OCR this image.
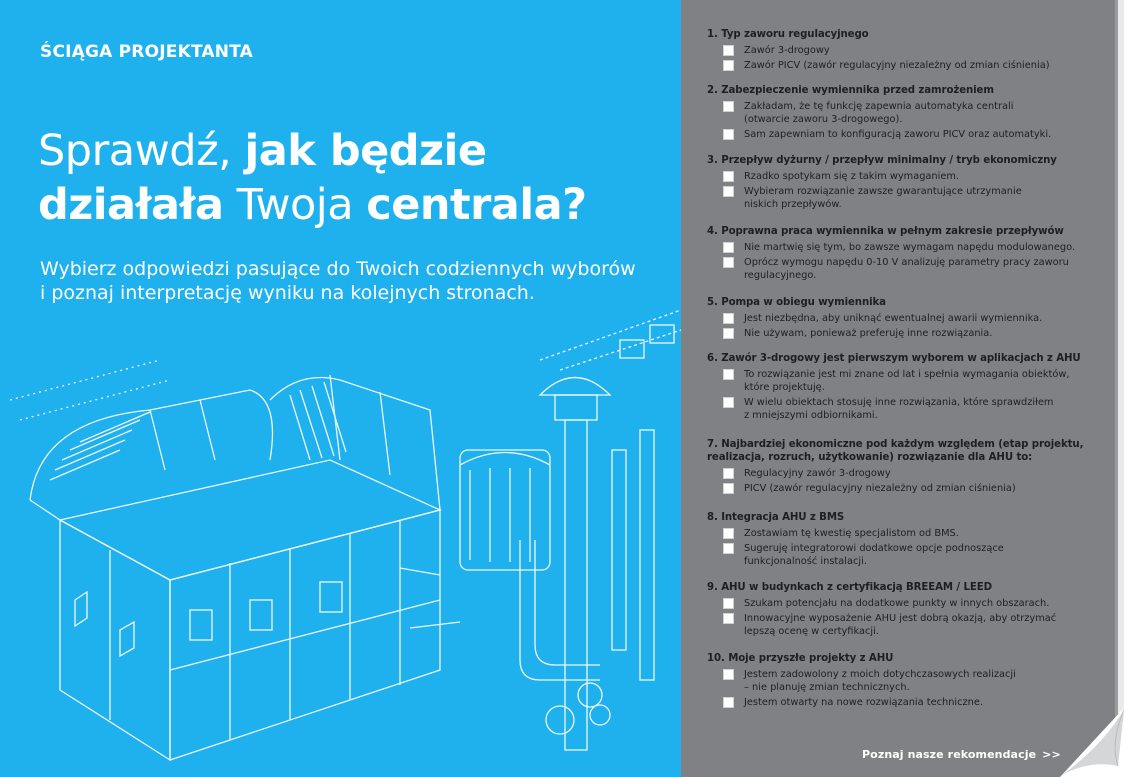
ŚCIĄGA PROJEKTANTA
Sprawdź, jak będzie
działała Twoja centrala?
Wybierz odpowiedzi pasujące do Twoich codziennych wyborów
i poznaj interpretację wyniku na kolejnych stronach.
1. Typ zaworu regulacyjnego
Zawór 3-drogowy
Zawór PICV (zawór regulacyjny niezależny od zmian ciśnienia)
2. Zabezpieczenie wymiennika przed zamrożeniem
Zakładam, że tę funkcję zapewnia automatyka centrali
(otwarcie zaworu 3-drogowego).
Sam zapewniam to konfiguracją zaworu PICV oraz automatyki.
3. Przepływ dyżurny / przepływ minimalny / tryb ekonomiczny
Rzadko spotykam się z takim wymaganiem.
Wybieram rozwiązanie zawsze gwarantujące utrzymanie
niskich przepływów.
4. Poprawna praca wymiennika w pełnym zakresie przepływów
Nie martwię się tym, bo zawsze wymagam napędu modulowanego.
Oprócz wymogu napędu 0-10 V analizuję parametry pracy zaworu
regulacyjnego.
5. Pompa w obiegu wymiennika
Jest niezbędna, aby uniknąć ewentualnej awarii wymiennika.
Nie używam, ponieważ preferuję inne rozwiązania.
6. Zawór 3-drogowy jest pierwszym wyborem w aplikacjach z AHU
To rozwiązanie jest mi znane od lat i spełnia wymagania obiektów,
które projektuję.
W wielu obiektach stosuję inne rozwiązania, które sprawdziłem
z mniejszymi odbiornikami.
7. Najbardziej ekonomiczne pod każdym względem (etap projektu,
realizacja, rozruch, użytkowanie) rozwiązanie dla AHU to:
Regulacyjny zawór 3-drogowy
PICV (zawór regulacyjny niezależny od zmian ciśnienia)
8. Integracja AHU z BMS
Zostawiam tę kwestię specjalistom od BMS.
Sugeruję integratorowi dodatkowe opcje podnoszące
funkcjonalność instalacji.
9. AHU w budynkach z certyfikacją BREEAM / LEED
Szukam potencjału na dodatkowe punkty w innych obszarach.
Innowacyjne wyposażenie AHU jest dobrą okazją, aby otrzymać
lepszą ocenę w certyfikacji.
10. Moje przyszłe projekty z AHU
Jestem zadowolony z moich dotychczasowych realizacji
– nie planuję zmian technicznych.
Jestem otwarty na nowe rozwiązania techniczne.
Poznaj nasze rekomendacje >>
